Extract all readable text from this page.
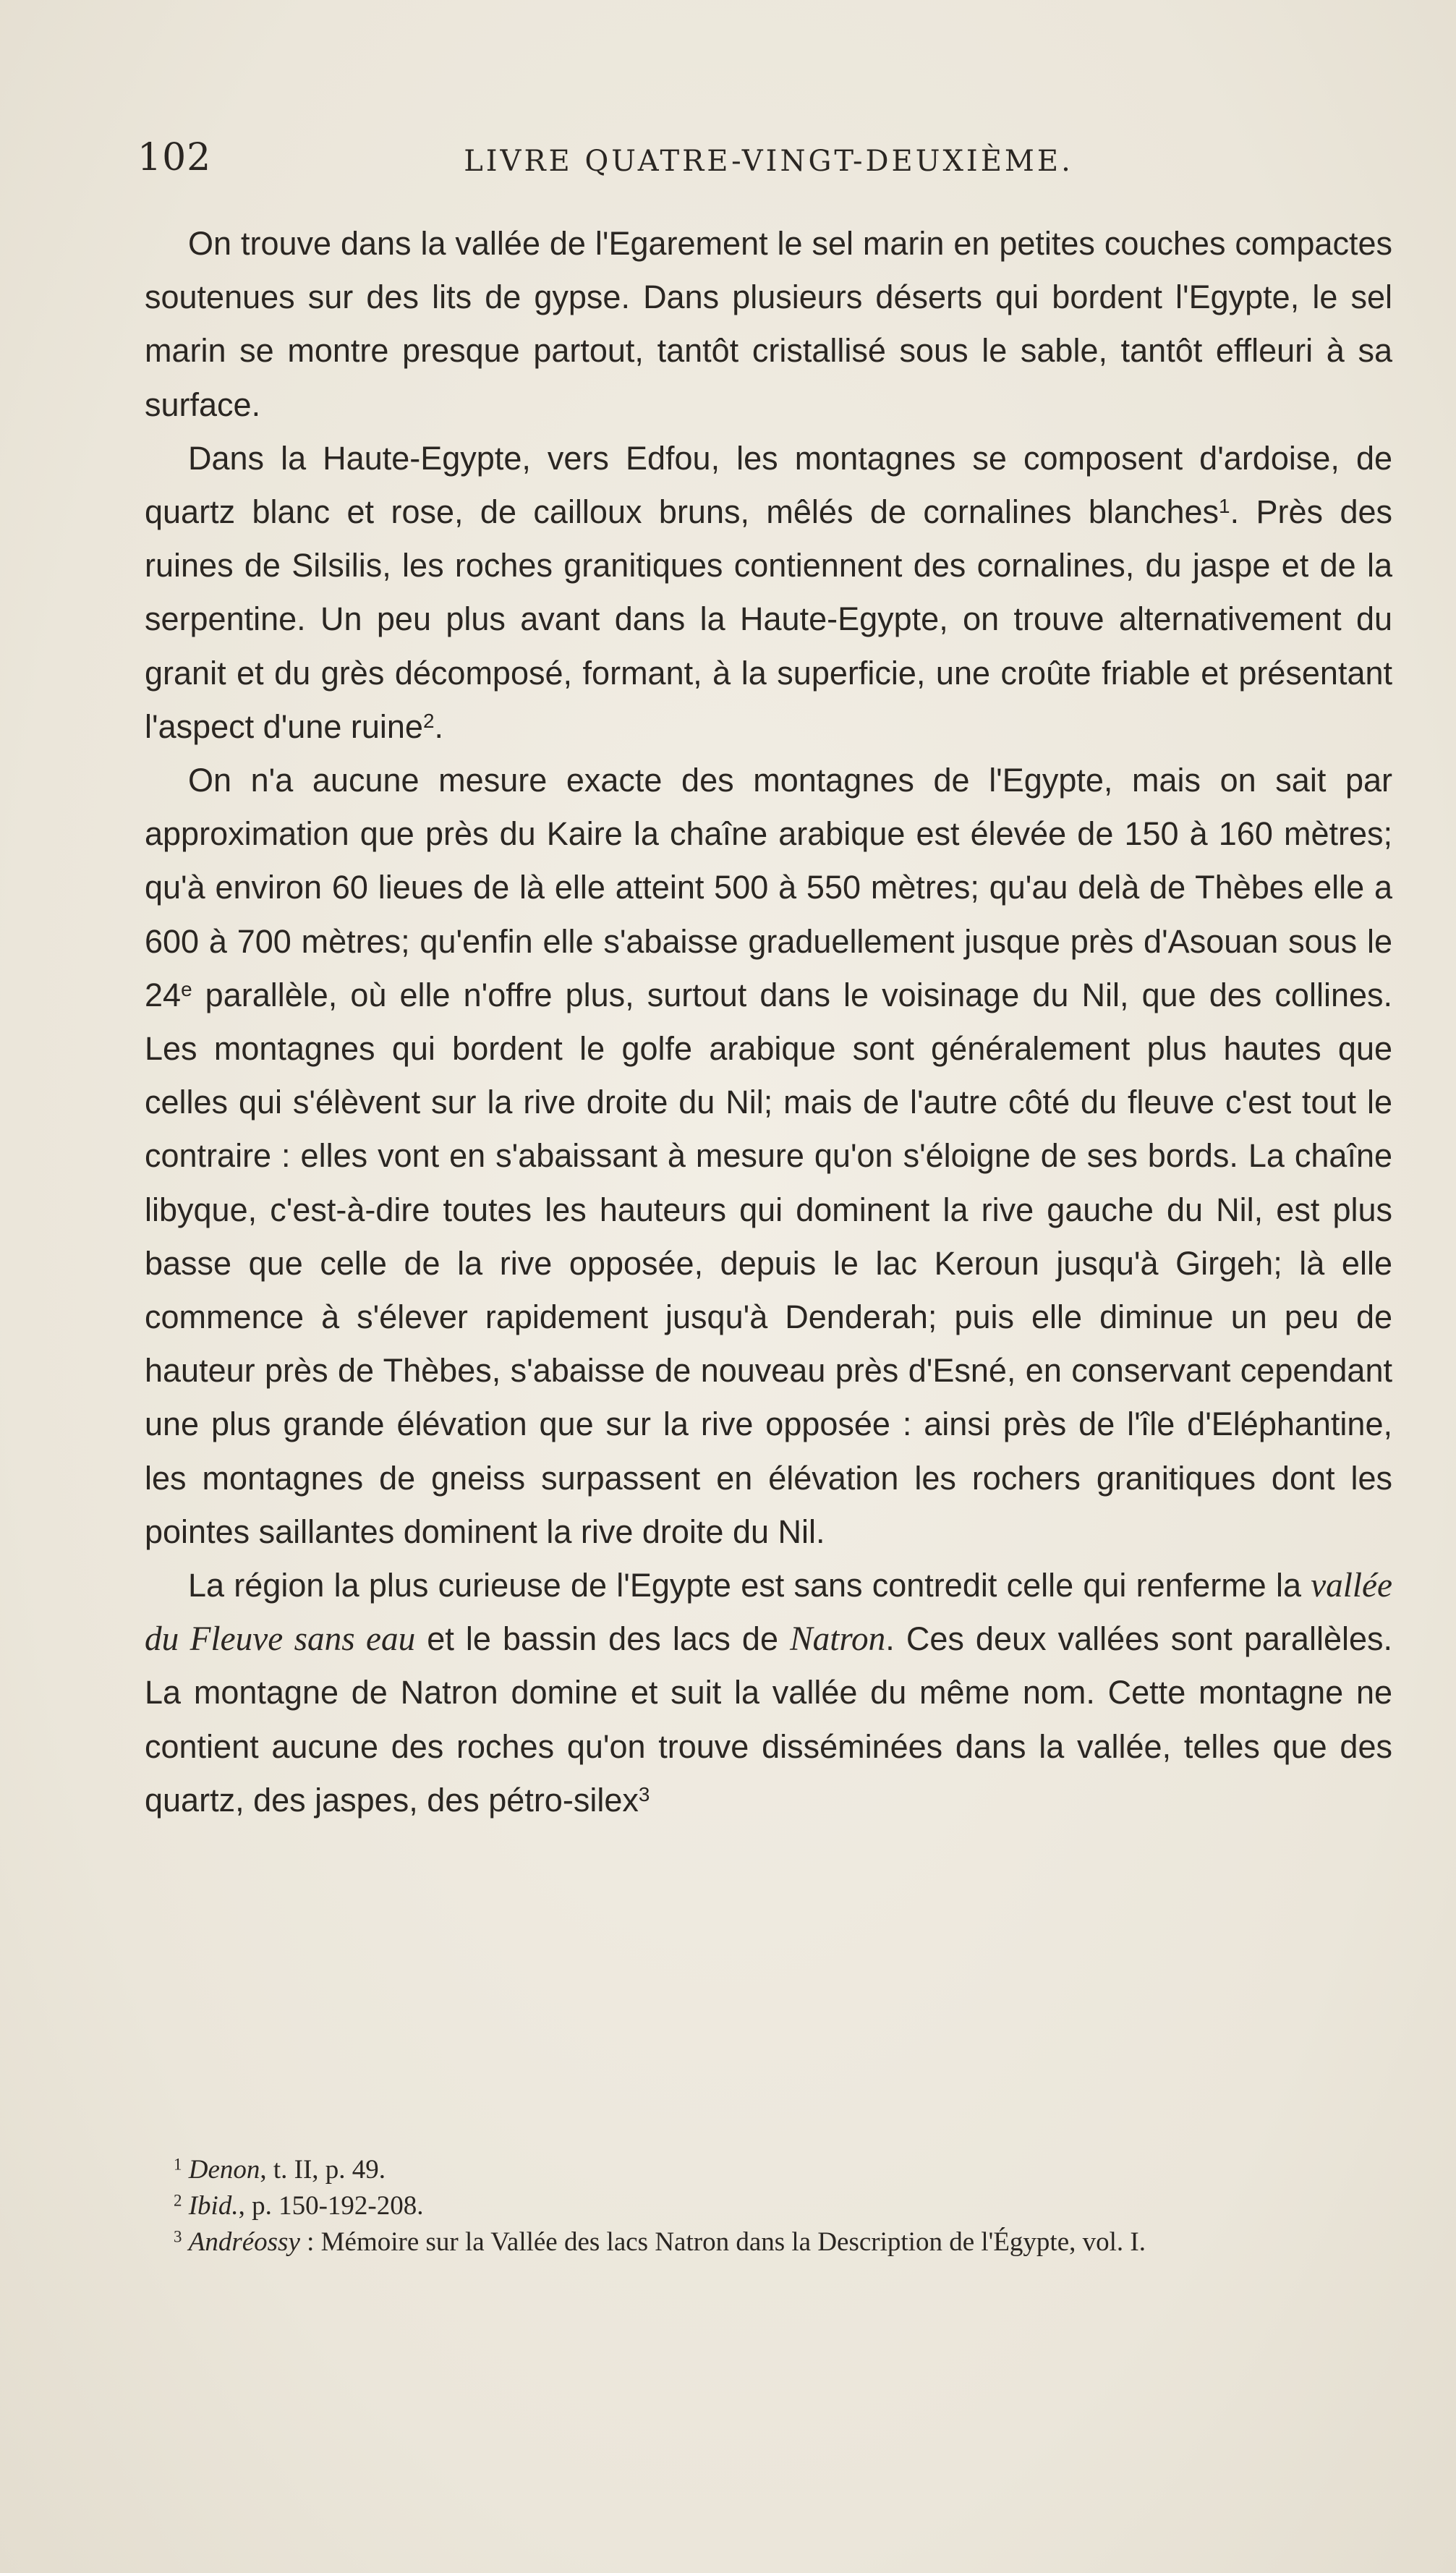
102	LIVRE QUATRE-VINGT-DEUXIÈME.

On trouve dans la vallée de l'Egarement le sel marin en petites couches compactes soutenues sur des lits de gypse. Dans plusieurs déserts qui bordent l'Egypte, le sel marin se montre presque partout, tantôt cristallisé sous le sable, tantôt effleuri à sa surface.

Dans la Haute-Egypte, vers Edfou, les montagnes se composent d'ardoise, de quartz blanc et rose, de cailloux bruns, mêlés de cornalines blanches$^1$. Près des ruines de Silsilis, les roches granitiques contiennent des cornalines, du jaspe et de la serpentine. Un peu plus avant dans la Haute-Egypte, on trouve alternativement du granit et du grès décomposé, formant, à la superficie, une croûte friable et présentant l'aspect d'une ruine$^2$.

On n'a aucune mesure exacte des montagnes de l'Egypte, mais on sait par approximation que près du Kaire la chaîne arabique est élevée de 150 à 160 mètres; qu'à environ 60 lieues de là elle atteint 500 à 550 mètres; qu'au delà de Thèbes elle a 600 à 700 mètres; qu'enfin elle s'abaisse graduellement jusque près d'Asouan sous le 24e parallèle, où elle n'offre plus, surtout dans le voisinage du Nil, que des collines. Les montagnes qui bordent le golfe arabique sont généralement plus hautes que celles qui s'élèvent sur la rive droite du Nil; mais de l'autre côté du fleuve c'est tout le contraire : elles vont en s'abaissant à mesure qu'on s'éloigne de ses bords. La chaîne libyque, c'est-à-dire toutes les hauteurs qui dominent la rive gauche du Nil, est plus basse que celle de la rive opposée, depuis le lac Keroun jusqu'à Girgeh; là elle commence à s'élever rapidement jusqu'à Denderah; puis elle diminue un peu de hauteur près de Thèbes, s'abaisse de nouveau près d'Esné, en conservant cependant une plus grande élévation que sur la rive opposée : ainsi près de l'île d'Eléphantine, les montagnes de gneiss surpassent en élévation les rochers granitiques dont les pointes saillantes dominent la rive droite du Nil.

La région la plus curieuse de l'Egypte est sans contredit celle qui renferme la vallée du Fleuve sans eau et le bassin des lacs de Natron. Ces deux vallées sont parallèles. La montagne de Natron domine et suit la vallée du même nom. Cette montagne ne contient aucune des roches qu'on trouve disséminées dans la vallée, telles que des quartz, des jaspes, des pétro-silex$^3$

$^1$ Denon, t. II, p. 49.

$^2$ Ibid., p. 150-192-208.

$^3$ Andréossy : Mémoire sur la Vallée des lacs Natron dans la Description de l'Égypte, vol. I.
